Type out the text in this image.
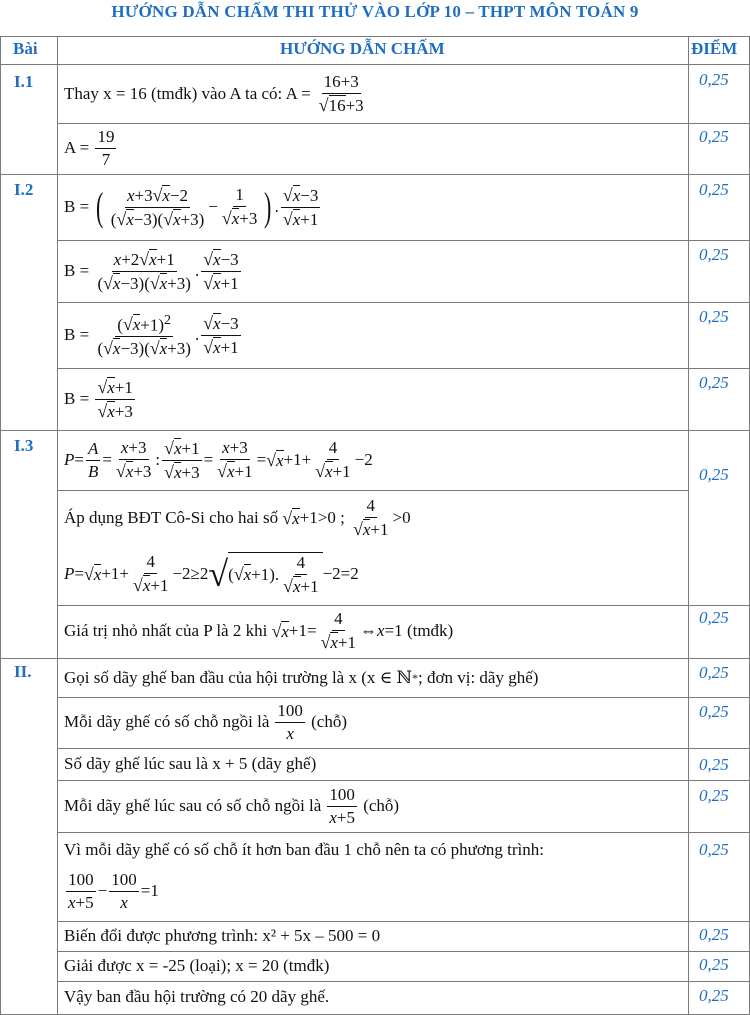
HƯỚNG DẪN CHẤM THI THỬ VÀO LỚP 10 – THPT MÔN TOÁN 9
Bài	HƯỚNG DẪN CHẤM	ĐIỂM
I.1
I.2
I.3
II.
0,25
0,25
0,25
0,25
0,25
0,25
0,25
0,25
0,25
0,25
0,25
0,25
0,25
0,25
0,25
0,25
Thay x = 16 (tmđk) vào A ta có: $A = \frac{16+3}{√16+3}$
$A = \frac{19}{7}$
B = ( $\frac{x+3√x-2}{(√x-3)(√x+3)} - \frac{1}{√x+3}$ ) . $\frac{√x-3}{√x+1}$
$B = \frac{x+2√x+1}{(√x-3)(√x+3)}$ . $\frac{√x-3}{√x+1}$
$B = \frac{(√x+1)^2}{(√x-3)(√x+3)}$ . $\frac{√x-3}{√x+1}$
$B = \frac{√x+1}{√x+3}$
$P = \frac{A}{B} = \frac{x+3}{√x+3}$ : $\frac{√x+1}{√x+3} = \frac{x+3}{√x+1} = √x +1+ \frac{4}{√x+1} -2$
Áp dụng BĐT Cô-Si cho hai số
√x +1>0 ; $\frac{4}{√x+1} >0$
$P = √x +1+ \frac{4}{√x+1} -2\ge 2$ √ (√x+1). $\frac{4}{√x+1} -2=2$
Giá trị nhỏ nhất của P là 2 khi
$√x +1= \frac{4}{√x+1}$ ⇔x=1 (tmđk)
Gọi số dãy ghế ban đầu của hội trường là x (x ∈ ℕ * ; đơn vị: dãy ghế)
Mỗi dãy ghế có số chỗ ngồi là $\frac{100}{x}$
(chỗ)
Số dãy ghế lúc sau là x + 5 (dãy ghế)
Mỗi dãy ghế lúc sau có số chỗ ngồi là $\frac{100}{x+5}$
(chỗ)
Vì mỗi dãy ghế có số chỗ ít hơn ban đầu 1 chỗ nên ta có phương trình:
$\frac{100}{x+5} - \frac{100}{x} =1$
Biến đổi được phương trình: x² + 5x – 500 = 0
Giải được x = -25 (loại); x = 20 (tmđk)
Vậy ban đầu hội trường có 20 dãy ghế.
